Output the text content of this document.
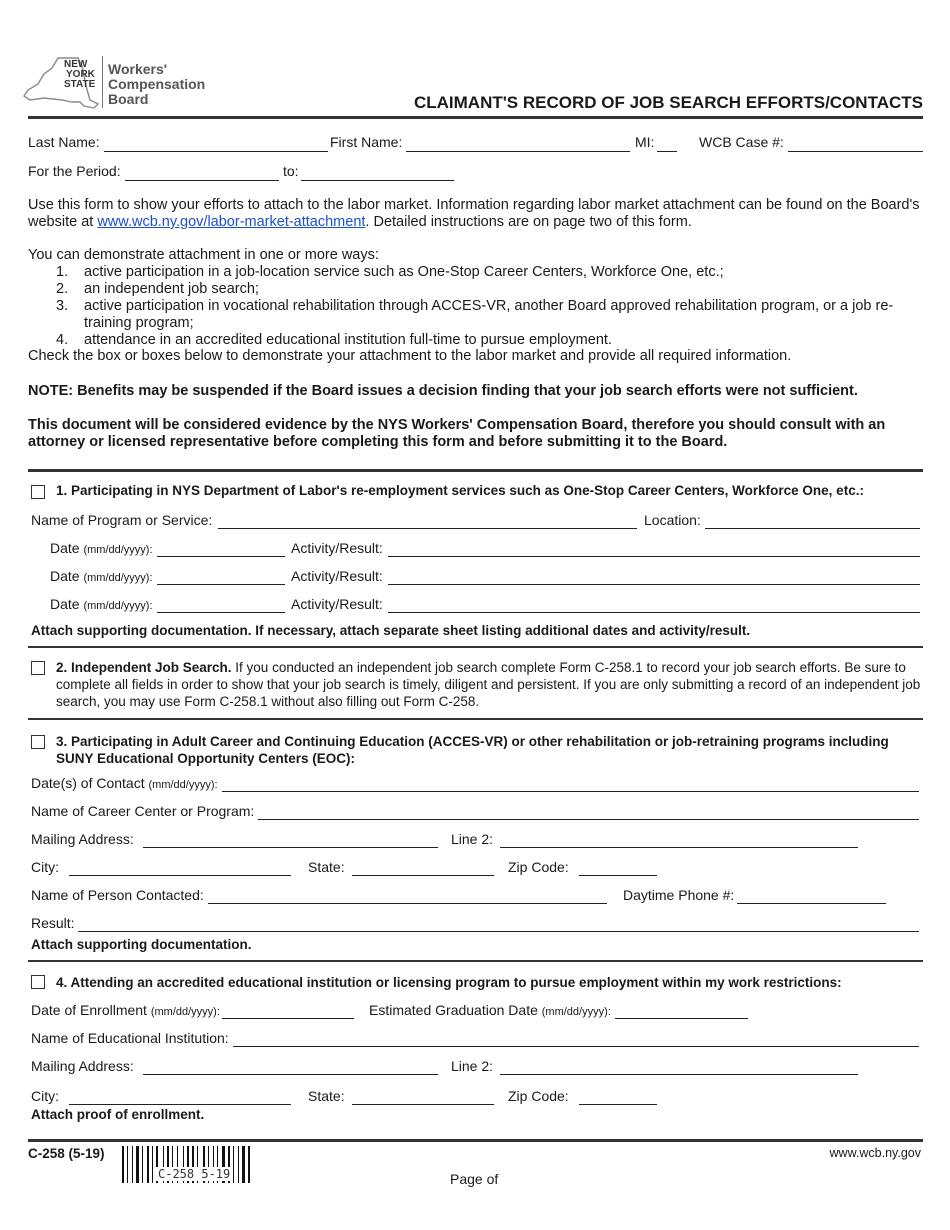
NEW
YORK
STATE
Workers'
Compensation
Board	CLAIMANT'S RECORD OF JOB SEARCH EFFORTS/CONTACTS
Last Name:	First Name:	MI:	WCB Case #:
For the Period:	to:
Use this form to show your efforts to attach to the labor market. Information regarding labor market attachment can be found on the Board's website at www.wcb.ny.gov/labor-market-attachment. Detailed instructions are on page two of this form.
You can demonstrate attachment in one or more ways:
1. active participation in a job-location service such as One-Stop Career Centers, Workforce One, etc.;
2. an independent job search;
3. active participation in vocational rehabilitation through ACCES-VR, another Board approved rehabilitation program, or a job re-training program;
4. attendance in an accredited educational institution full-time to pursue employment.
Check the box or boxes below to demonstrate your attachment to the labor market and provide all required information.
NOTE: Benefits may be suspended if the Board issues a decision finding that your job search efforts were not sufficient.
This document will be considered evidence by the NYS Workers' Compensation Board, therefore you should consult with an attorney or licensed representative before completing this form and before submitting it to the Board.
1. Participating in NYS Department of Labor's re-employment services such as One-Stop Career Centers, Workforce One, etc.:
Name of Program or Service:	Location:
Date (mm/dd/yyyy):	Activity/Result:
Date (mm/dd/yyyy):	Activity/Result:
Date (mm/dd/yyyy):	Activity/Result:
Attach supporting documentation. If necessary, attach separate sheet listing additional dates and activity/result.
2. Independent Job Search. If you conducted an independent job search complete Form C-258.1 to record your job search efforts. Be sure to complete all fields in order to show that your job search is timely, diligent and persistent. If you are only submitting a record of an independent job search, you may use Form C-258.1 without also filling out Form C-258.
3. Participating in Adult Career and Continuing Education (ACCES-VR) or other rehabilitation or job-retraining programs including SUNY Educational Opportunity Centers (EOC):
Date(s) of Contact (mm/dd/yyyy):
Name of Career Center or Program:
Mailing Address:	Line 2:
City:	State:	Zip Code:
Name of Person Contacted:	Daytime Phone #:
Result:
Attach supporting documentation.
4. Attending an accredited educational institution or licensing program to pursue employment within my work restrictions:
Date of Enrollment (mm/dd/yyyy):	Estimated Graduation Date (mm/dd/yyyy):
Name of Educational Institution:
Mailing Address:	Line 2:
City:	State:	Zip Code:
Attach proof of enrollment.
C-258 (5-19)
C-258 5-19	Page of
www.wcb.ny.gov
